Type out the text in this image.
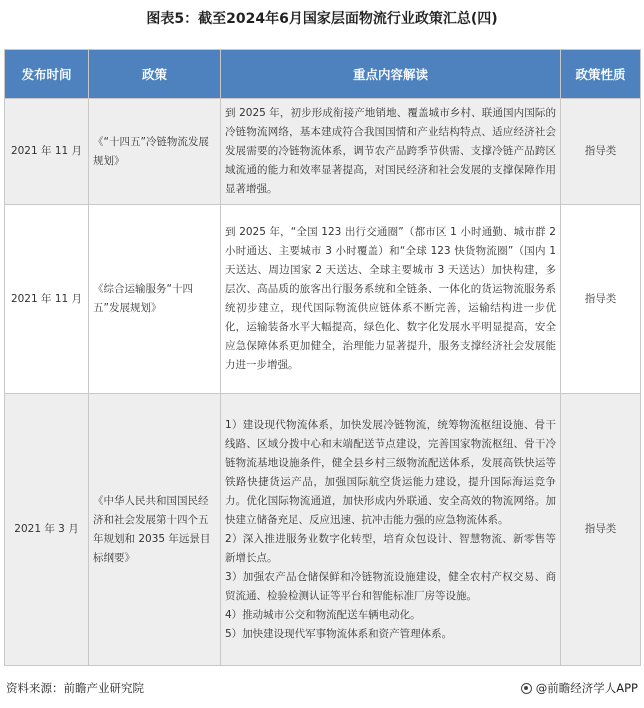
图表5：截至2024年6月国家层面物流行业政策汇总(四)
发布时间	政策	重点内容解读	政策性质
2021 年 11 月	《“十四五”冷链物流发展规划》	到 2025 年，初步形成衔接产地销地、覆盖城市乡村、联通国内国际的冷链物流网络，基本建成符合我国国情和产业结构特点、适应经济社会发展需要的冷链物流体系，调节农产品跨季节供需、支撑冷链产品跨区域流通的能力和效率显著提高，对国民经济和社会发展的支撑保障作用显著增强。	指导类
2021 年 11 月	《综合运输服务“十四五”发展规划》	到 2025 年，“全国 123 出行交通圈”（都市区 1 小时通勤、城市群 2 小时通达、主要城市 3 小时覆盖）和“全球 123 快货物流圈”（国内 1 天送达、周边国家 2 天送达、全球主要城市 3 天送达）加快构建，多层次、高品质的旅客出行服务系统和全链条、一体化的货运物流服务系统初步建立，现代国际物流供应链体系不断完善，运输结构进一步优化，运输装备水平大幅提高，绿色化、数字化发展水平明显提高，安全应急保障体系更加健全，治理能力显著提升，服务支撑经济社会发展能力进一步增强。	指导类
2021 年 3 月	《中华人民共和国国民经济和社会发展第十四个五年规划和 2035 年远景目标纲要》	1）建设现代物流体系，加快发展冷链物流，统筹物流枢纽设施、骨干线路、区域分拨中心和末端配送节点建设，完善国家物流枢纽、骨干冷链物流基地设施条件，健全县乡村三级物流配送体系，发展高铁快运等铁路快捷货运产品，加强国际航空货运能力建设，提升国际海运竞争力。优化国际物流通道，加快形成内外联通、安全高效的物流网络。加快建立储备充足、反应迅速、抗冲击能力强的应急物流体系。

2）深入推进服务业数字化转型，培育众包设计、智慧物流、新零售等新增长点。

3）加强农产品仓储保鲜和冷链物流设施建设，健全农村产权交易、商贸流通、检验检测认证等平台和智能标准厂房等设施。

4）推动城市公交和物流配送车辆电动化。

5）加快建设现代军事物流体系和资产管理体系。	指导类
资料来源：前瞻产业研究院	@前瞻经济学人APP
